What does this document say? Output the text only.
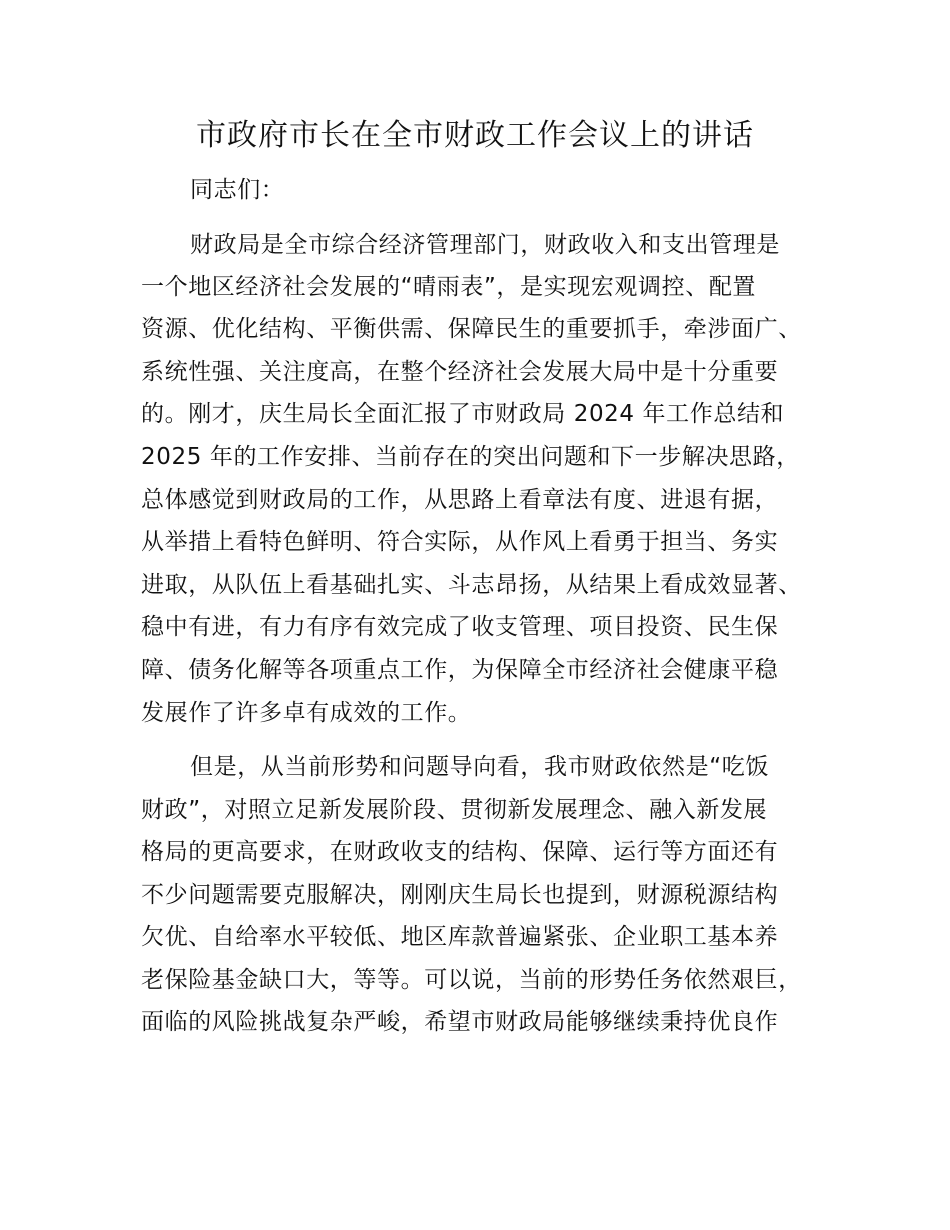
市政府市长在全市财政工作会议上的讲话
同志们：
财政局是全市综合经济管理部门，财政收入和支出管理是
一个地区经济社会发展的“晴雨表”，是实现宏观调控、配置
资源、优化结构、平衡供需、保障民生的重要抓手，牵涉面广、
系统性强、关注度高，在整个经济社会发展大局中是十分重要
的。刚才，庆生局长全面汇报了市财政局 2024 年工作总结和
2025 年的工作安排、当前存在的突出问题和下一步解决思路，
总体感觉到财政局的工作，从思路上看章法有度、进退有据，
从举措上看特色鲜明、符合实际，从作风上看勇于担当、务实
进取，从队伍上看基础扎实、斗志昂扬，从结果上看成效显著、
稳中有进，有力有序有效完成了收支管理、项目投资、民生保
障、债务化解等各项重点工作，为保障全市经济社会健康平稳
发展作了许多卓有成效的工作。
但是，从当前形势和问题导向看，我市财政依然是“吃饭
财政”，对照立足新发展阶段、贯彻新发展理念、融入新发展
格局的更高要求，在财政收支的结构、保障、运行等方面还有
不少问题需要克服解决，刚刚庆生局长也提到，财源税源结构
欠优、自给率水平较低、地区库款普遍紧张、企业职工基本养
老保险基金缺口大，等等。可以说，当前的形势任务依然艰巨，
面临的风险挑战复杂严峻，希望市财政局能够继续秉持优良作
